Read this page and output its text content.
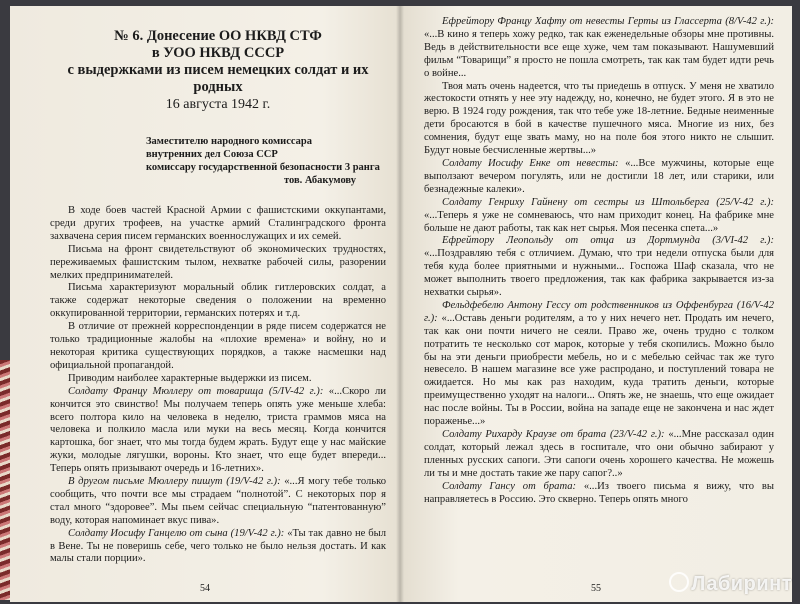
№ 6. Донесение ОО НКВД СТФ
в УОО НКВД СССР
с выдержками из писем немецких солдат и их родных
16 августа 1942 г.
Заместителю народного комиссара
внутренних дел Союза ССР
комиссару государственной безопасности 3 ранга
тов. Абакумову

В ходе боев частей Красной Армии с фашистскими оккупантами, среди других трофеев, на участке армий Сталинградского фронта захвачена серия писем германских военнослужащих и их семей.

Письма на фронт свидетельствуют об экономических трудностях, переживаемых фашистским тылом, нехватке рабочей силы, разорении мелких предпринимателей.

Письма характеризуют моральный облик гитлеровских солдат, а также содержат некоторые сведения о положении на временно оккупированной территории, германских потерях и т.д.

В отличие от прежней корреспонденции в ряде писем содержатся не только традиционные жалобы на «плохие времена» и войну, но и некоторая критика существующих порядков, а также насмешки над официальной пропагандой.

Приводим наиболее характерные выдержки из писем.

Солдату Францу Мюллеру от товарища (5/IV-42 г.): «...Скоро ли кончится это свинство! Мы получаем теперь опять уже меньше хлеба: всего полтора кило на человека в неделю, триста граммов мяса на человека и полкило масла или муки на весь месяц. Когда кончится картошка, бог знает, что мы тогда будем жрать. Будут еще у нас майские жуки, молодые лягушки, вороны. Кто знает, что еще будет впереди... Теперь опять призывают очередь и 16-летних».

В другом письме Мюллеру пишут (19/V-42 г.): «...Я могу тебе только сообщить, что почти все мы страдаем “полнотой”. С некоторых пор я стал много “здоровее”. Мы пьем сейчас специальную “патентованную” воду, которая напоминает вкус пива».

Солдату Иосифу Ганцелю от сына (19/V-42 г.): «Ты так давно не был в Вене. Ты не поверишь себе, чего только не было нельзя достать. И как малы стали порции».

54

Ефрейтору Францу Хафту от невесты Герты из Глассерта (8/V-42 г.): «...В кино я теперь хожу редко, так как еженедельные обзоры мне противны. Ведь в действительности все еще хуже, чем там показывают. Нашумевший фильм “Товарищи” я просто не пошла смотреть, так как там будет идти речь о войне...

Твоя мать очень надеется, что ты приедешь в отпуск. У меня не хватило жестокости отнять у нее эту надежду, но, конечно, не будет этого. Я в это не верю. В 1924 году рождения, так что тебе уже 18-летние. Бедные неименные дети бросаются в бой в качестве пушечного мяса. Многие из них, без сомнения, будут еще звать маму, но на поле боя этого никто не слышит. Будут новые бесчисленные жертвы...»

Солдату Иосифу Енке от невесты: «...Все мужчины, которые еще выползают вечером погулять, или не достигли 18 лет, или старики, или безнадежные калеки».

Солдату Генриху Гайнену от сестры из Штольберга (25/V-42 г.): «...Теперь я уже не сомневаюсь, что нам приходит конец. На фабрике мне больше не дают работы, так как нет сырья. Моя песенка спета...»

Ефрейтору Леопольду от отца из Дортмунда (3/VI-42 г.): «...Поздравляю тебя с отличием. Думаю, что три недели отпуска были для тебя куда более приятными и нужными... Госпожа Шаф сказала, что не может выполнить твоего предложения, так как фабрика закрывается из-за нехватки сырья».

Фельдфебелю Антону Гессу от родственников из Оффенбурга (16/V-42 г.): «...Оставь деньги родителям, а то у них нечего нет. Продать им нечего, так как они почти ничего не сеяли. Право же, очень трудно с толком потратить те несколько сот марок, которые у тебя скопились. Можно было бы на эти деньги приобрести мебель, но и с мебелью сейчас так же туго невесело. В нашем магазине все уже распродано, и поступлений товара не ожидается. Но мы как раз находим, куда тратить деньги, которые преимущественно уходят на налоги... Опять же, не знаешь, что еще ожидает нас после войны. Ты в России, война на западе еще не закончена и нас ждет пораженьe...»

Солдату Рихарду Краузе от брата (23/V-42 г.): «...Мне рассказал один солдат, который лежал здесь в госпитале, что они обычно забирают у пленных русских сапоги. Эти сапоги очень хорошего качества. Не можешь ли ты и мне достать такие же пару сапог?..»

Солдату Гансу от брата: «...Из твоего письма я вижу, что вы направляетесь в Россию. Это скверно. Теперь опять много

55	Лабиринт
